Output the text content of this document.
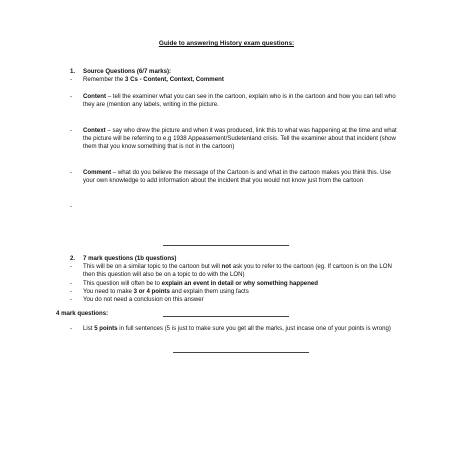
Guide to answering History exam questions:
1. Source Questions (6/7 marks):
- Remember the 3 Cs - Content, Context, Comment
- Content – tell the examiner what you can see in the cartoon, explain who is in the cartoon and how you can tell who they are (mention any labels, writing in the picture.
- Context – say who drew the picture and when it was produced, link this to what was happening at the time and what the picture will be referring to e.g 1938 Appeasement/Sudetenland crisis. Tell the examiner about that incident (show them that you know something that is not in the cartoon)
- Comment – what do you believe the message of the Cartoon is and what in the cartoon makes you think this. Use your own knowledge to add information about the incident that you would not know just from the cartoon
-
2. 7 mark questions (1b questions)
- This will be on a similar topic to the cartoon but will not ask you to refer to the cartoon (eg. If cartoon is on the LON then this question will also be on a topic to do with the LON)
- This question will often be to explain an event in detail or why something happened
- You need to make 3 or 4 points and explain them using facts
- You do not need a conclusion on this answer
4 mark questions:
- List 5 points in full sentences (5 is just to make sure you get all the marks, just incase one of your points is wrong)
